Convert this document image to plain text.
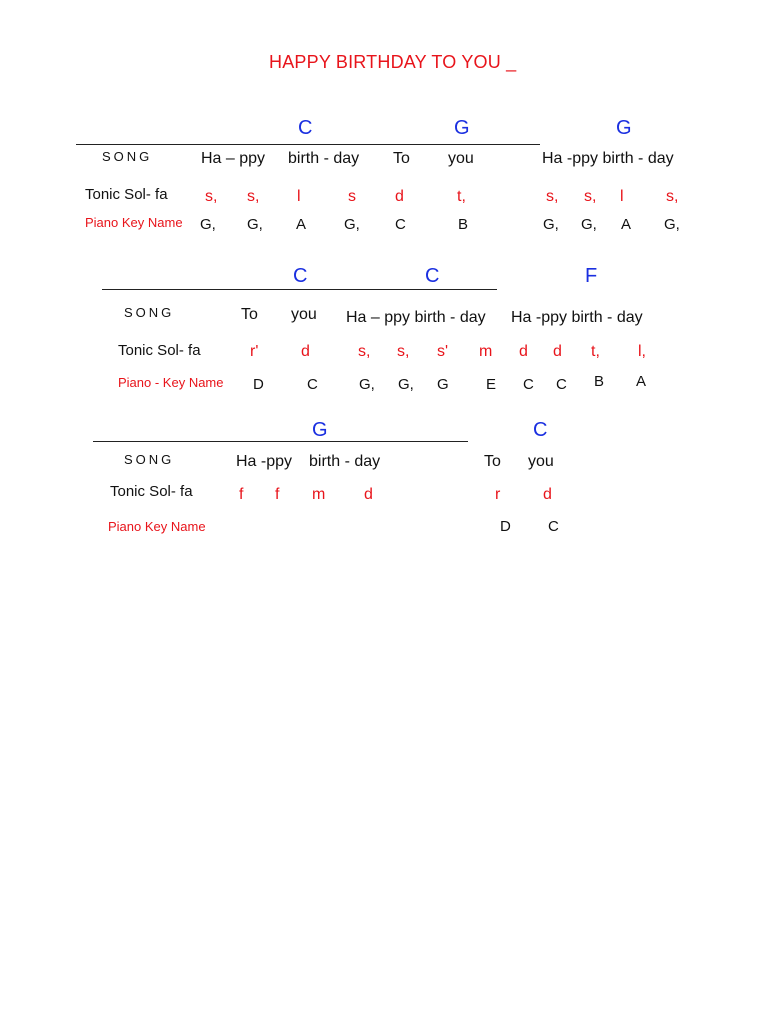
HAPPY BIRTHDAY TO YOU _
C	G	G
SONG	Ha – ppy birth - day To you	Ha -ppy birth - day
Tonic Sol- fa s, s, l	s d	t,	s, s, l	s,
Piano Key Name G, G, A	G, C	B	G, G, A G,
C	C	F
SONG	To you Ha – ppy birth - day Ha -ppy birth - day
Tonic Sol- fa	r'	d	s, s, s' m d d t, l,
Piano - Key Name D	C	G, G, G E C C B A
G	C
SONG	Ha -ppy birth - day	To you
Tonic Sol- fa	f f m d	r	d
Piano Key Name	D C
